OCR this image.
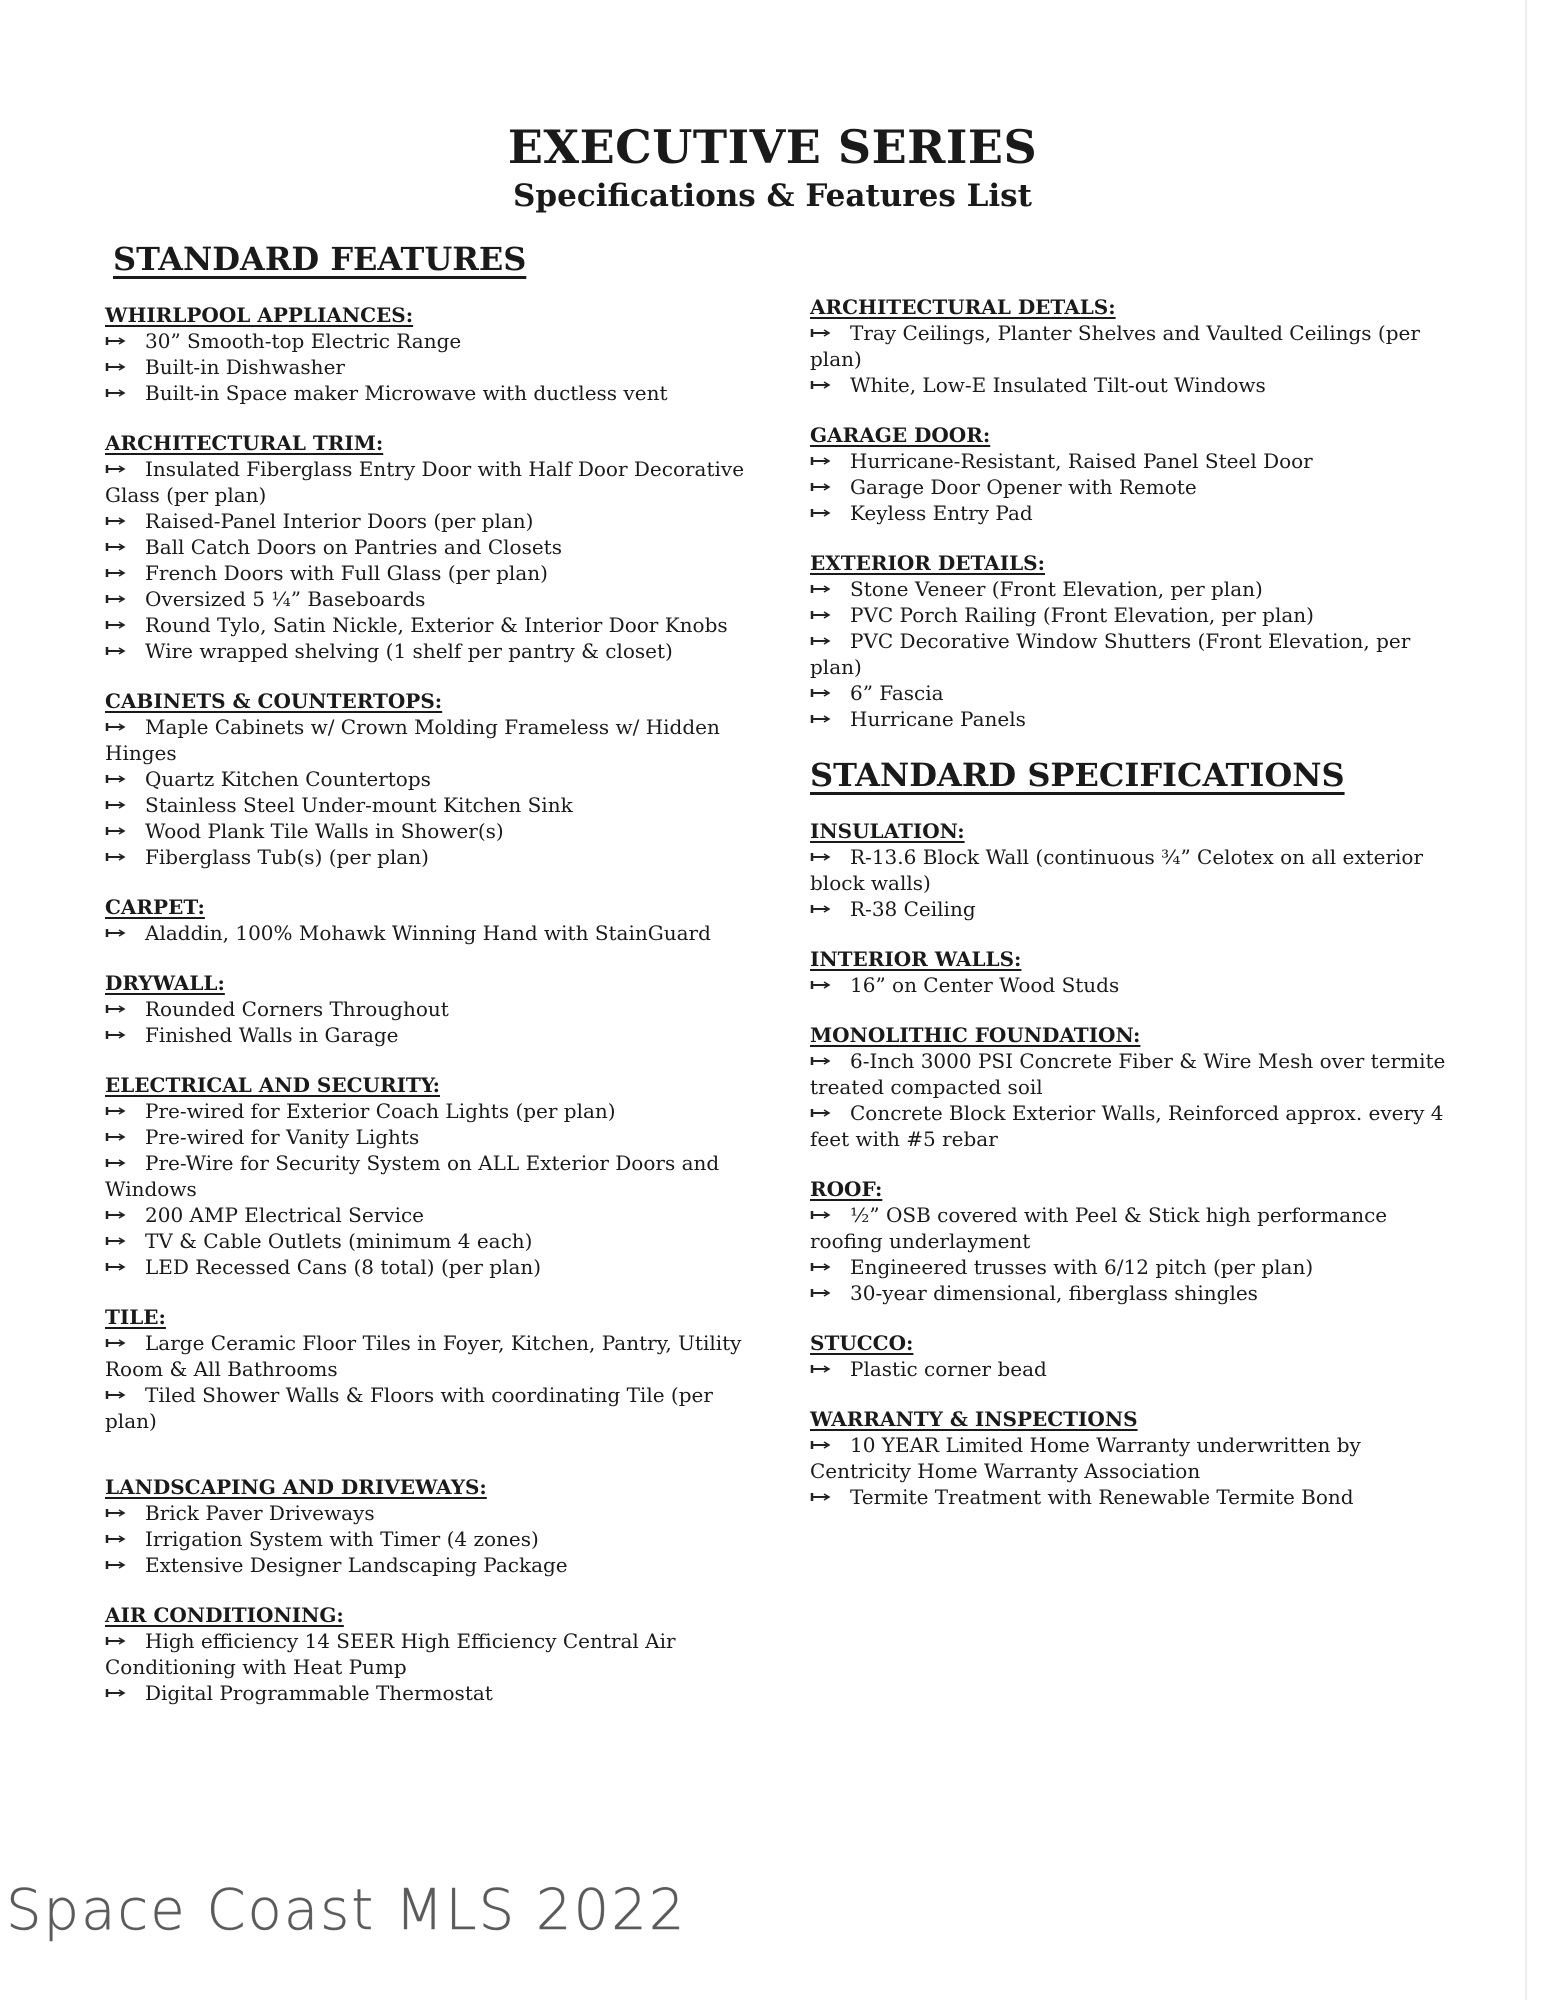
EXECUTIVE SERIES
Specifications & Features List
STANDARD FEATURES
WHIRLPOOL APPLIANCES:
30” Smooth-top Electric Range
Built-in Dishwasher
Built-in Space maker Microwave with ductless vent
ARCHITECTURAL TRIM:
Insulated Fiberglass Entry Door with Half Door Decorative Glass (per plan)
Raised-Panel Interior Doors (per plan)
Ball Catch Doors on Pantries and Closets
French Doors with Full Glass (per plan)
Oversized 5 ¼” Baseboards
Round Tylo, Satin Nickle, Exterior & Interior Door Knobs
Wire wrapped shelving (1 shelf per pantry & closet)
CABINETS & COUNTERTOPS:
Maple Cabinets w/ Crown Molding Frameless w/ Hidden Hinges
Quartz Kitchen Countertops
Stainless Steel Under-mount Kitchen Sink
Wood Plank Tile Walls in Shower(s)
Fiberglass Tub(s) (per plan)
CARPET:
Aladdin, 100% Mohawk Winning Hand with StainGuard
DRYWALL:
Rounded Corners Throughout
Finished Walls in Garage
ELECTRICAL AND SECURITY:
Pre-wired for Exterior Coach Lights (per plan)
Pre-wired for Vanity Lights
Pre-Wire for Security System on ALL Exterior Doors and Windows
200 AMP Electrical Service
TV & Cable Outlets (minimum 4 each)
LED Recessed Cans (8 total) (per plan)
TILE:
Large Ceramic Floor Tiles in Foyer, Kitchen, Pantry, Utility Room & All Bathrooms
Tiled Shower Walls & Floors with coordinating Tile (per plan)
LANDSCAPING AND DRIVEWAYS:
Brick Paver Driveways
Irrigation System with Timer (4 zones)
Extensive Designer Landscaping Package
AIR CONDITIONING:
High efficiency 14 SEER High Efficiency Central Air Conditioning with Heat Pump
Digital Programmable Thermostat
ARCHITECTURAL DETALS:
Tray Ceilings, Planter Shelves and Vaulted Ceilings (per plan)
White, Low-E Insulated Tilt-out Windows
GARAGE DOOR:
Hurricane-Resistant, Raised Panel Steel Door
Garage Door Opener with Remote
Keyless Entry Pad
EXTERIOR DETAILS:
Stone Veneer (Front Elevation, per plan)
PVC Porch Railing (Front Elevation, per plan)
PVC Decorative Window Shutters (Front Elevation, per plan)
6” Fascia
Hurricane Panels
STANDARD SPECIFICATIONS
INSULATION:
R-13.6 Block Wall (continuous ¾” Celotex on all exterior block walls)
R-38 Ceiling
INTERIOR WALLS:
16” on Center Wood Studs
MONOLITHIC FOUNDATION:
6-Inch 3000 PSI Concrete Fiber & Wire Mesh over termite treated compacted soil
Concrete Block Exterior Walls, Reinforced approx. every 4 feet with #5 rebar
ROOF:
½” OSB covered with Peel & Stick high performance roofing underlayment
Engineered trusses with 6/12 pitch (per plan)
30-year dimensional, fiberglass shingles
STUCCO:
Plastic corner bead
WARRANTY & INSPECTIONS
10 YEAR Limited Home Warranty underwritten by Centricity Home Warranty Association
Termite Treatment with Renewable Termite Bond
Space Coast MLS 2022
